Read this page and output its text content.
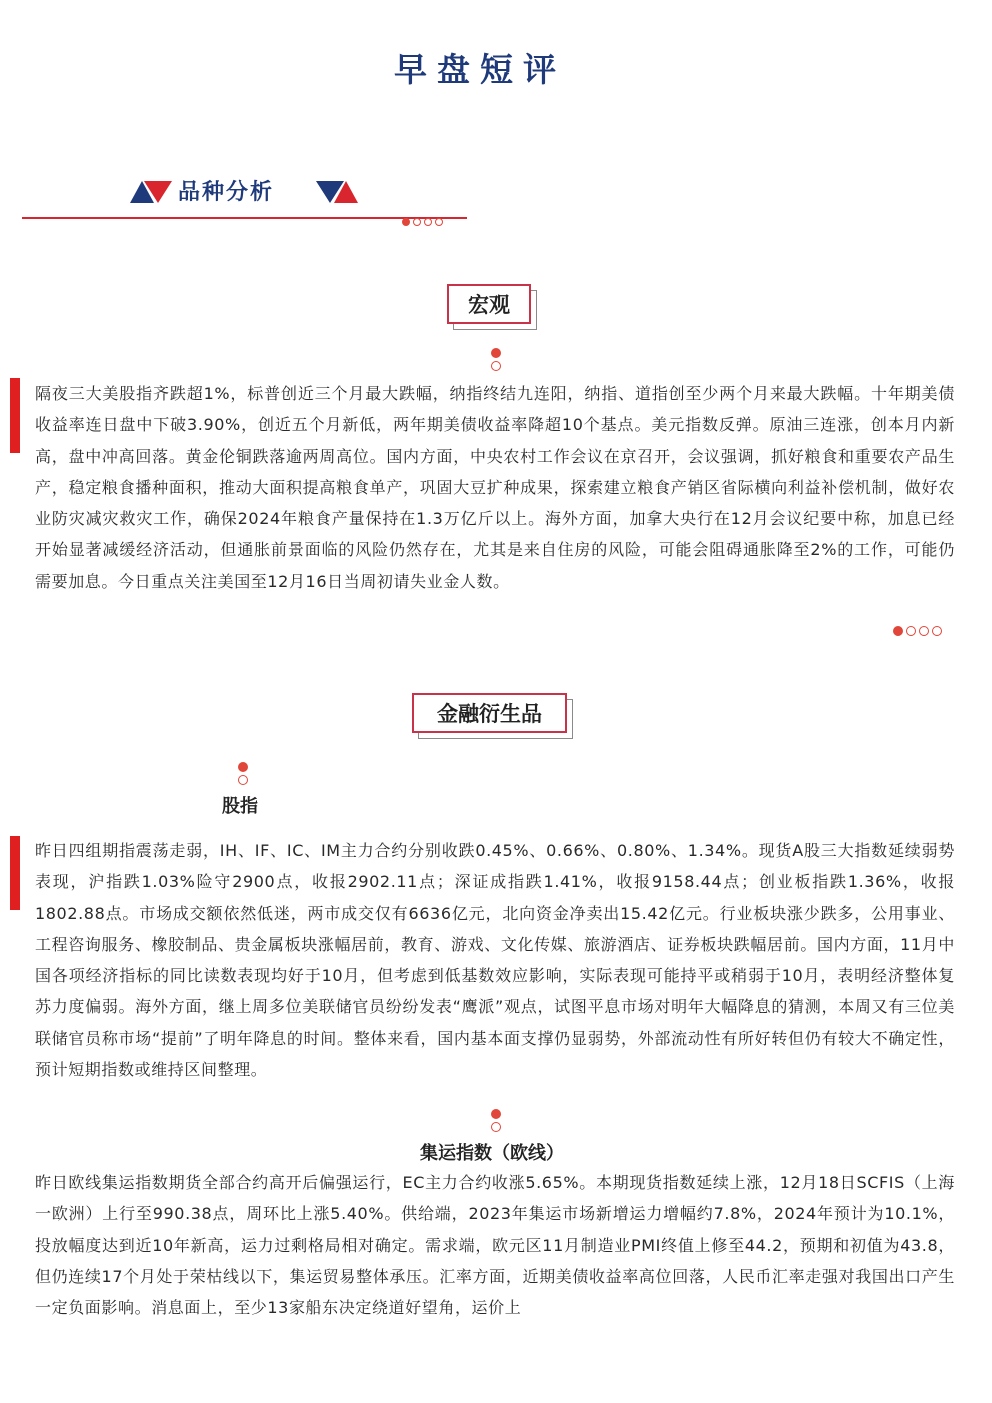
早盘短评
品种分析
宏观
隔夜三大美股指齐跌超1%，标普创近三个月最大跌幅，纳指终结九连阳，纳指、道指创至少两个月来最大跌幅。十年期美债收益率连日盘中下破3.90%，创近五个月新低，两年期美债收益率降超10个基点。美元指数反弹。原油三连涨，创本月内新高，盘中冲高回落。黄金伦铜跌落逾两周高位。国内方面，中央农村工作会议在京召开，会议强调，抓好粮食和重要农产品生产，稳定粮食播种面积，推动大面积提高粮食单产，巩固大豆扩种成果，探索建立粮食产销区省际横向利益补偿机制，做好农业防灾减灾救灾工作，确保2024年粮食产量保持在1.3万亿斤以上。海外方面，加拿大央行在12月会议纪要中称，加息已经开始显著减缓经济活动，但通胀前景面临的风险仍然存在，尤其是来自住房的风险，可能会阻碍通胀降至2%的工作，可能仍需要加息。今日重点关注美国至12月16日当周初请失业金人数。
金融衍生品
股指
昨日四组期指震荡走弱，IH、IF、IC、IM主力合约分别收跌0.45%、0.66%、0.80%、1.34%。现货A股三大指数延续弱势表现，沪指跌1.03%险守2900点，收报2902.11点；深证成指跌1.41%，收报9158.44点；创业板指跌1.36%，收报1802.88点。市场成交额依然低迷，两市成交仅有6636亿元，北向资金净卖出15.42亿元。行业板块涨少跌多，公用事业、工程咨询服务、橡胶制品、贵金属板块涨幅居前，教育、游戏、文化传媒、旅游酒店、证券板块跌幅居前。国内方面，11月中国各项经济指标的同比读数表现均好于10月，但考虑到低基数效应影响，实际表现可能持平或稍弱于10月，表明经济整体复苏力度偏弱。海外方面，继上周多位美联储官员纷纷发表“鹰派”观点，试图平息市场对明年大幅降息的猜测，本周又有三位美联储官员称市场“提前”了明年降息的时间。整体来看，国内基本面支撑仍显弱势，外部流动性有所好转但仍有较大不确定性，预计短期指数或维持区间整理。
集运指数（欧线）
昨日欧线集运指数期货全部合约高开后偏强运行，EC主力合约收涨5.65%。本期现货指数延续上涨，12月18日SCFIS（上海一欧洲）上行至990.38点，周环比上涨5.40%。供给端，2023年集运市场新增运力增幅约7.8%，2024年预计为10.1%，投放幅度达到近10年新高，运力过剩格局相对确定。需求端，欧元区11月制造业PMI终值上修至44.2，预期和初值为43.8，但仍连续17个月处于荣枯线以下，集运贸易整体承压。汇率方面，近期美债收益率高位回落，人民币汇率走强对我国出口产生一定负面影响。消息面上，至少13家船东决定绕道好望角，运价上
